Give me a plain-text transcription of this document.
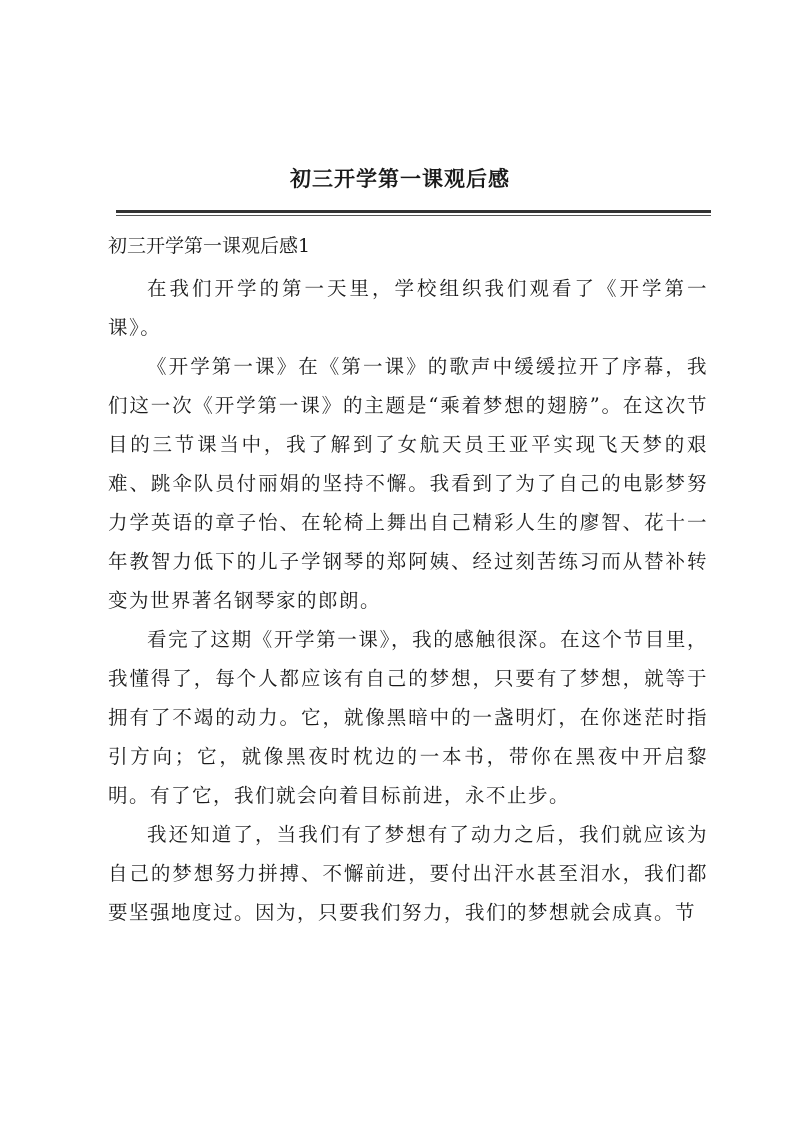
初三开学第一课观后感
初三开学第一课观后感1

在我们开学的第一天里，学校组织我们观看了《开学第一课》。

《开学第一课》在《第一课》的歌声中缓缓拉开了序幕，我们这一次《开学第一课》的主题是“乘着梦想的翅膀”。在这次节目的三节课当中，我了解到了女航天员王亚平实现飞天梦的艰难、跳伞队员付丽娟的坚持不懈。我看到了为了自己的电影梦努力学英语的章子怡、在轮椅上舞出自己精彩人生的廖智、花十一年教智力低下的儿子学钢琴的郑阿姨、经过刻苦练习而从替补转变为世界著名钢琴家的郎朗。

看完了这期《开学第一课》，我的感触很深。在这个节目里，我懂得了，每个人都应该有自己的梦想，只要有了梦想，就等于拥有了不竭的动力。它，就像黑暗中的一盏明灯，在你迷茫时指引方向；它，就像黑夜时枕边的一本书，带你在黑夜中开启黎明。有了它，我们就会向着目标前进，永不止步。

我还知道了，当我们有了梦想有了动力之后，我们就应该为自己的梦想努力拼搏、不懈前进，要付出汗水甚至泪水，我们都要坚强地度过。因为，只要我们努力，我们的梦想就会成真。节
